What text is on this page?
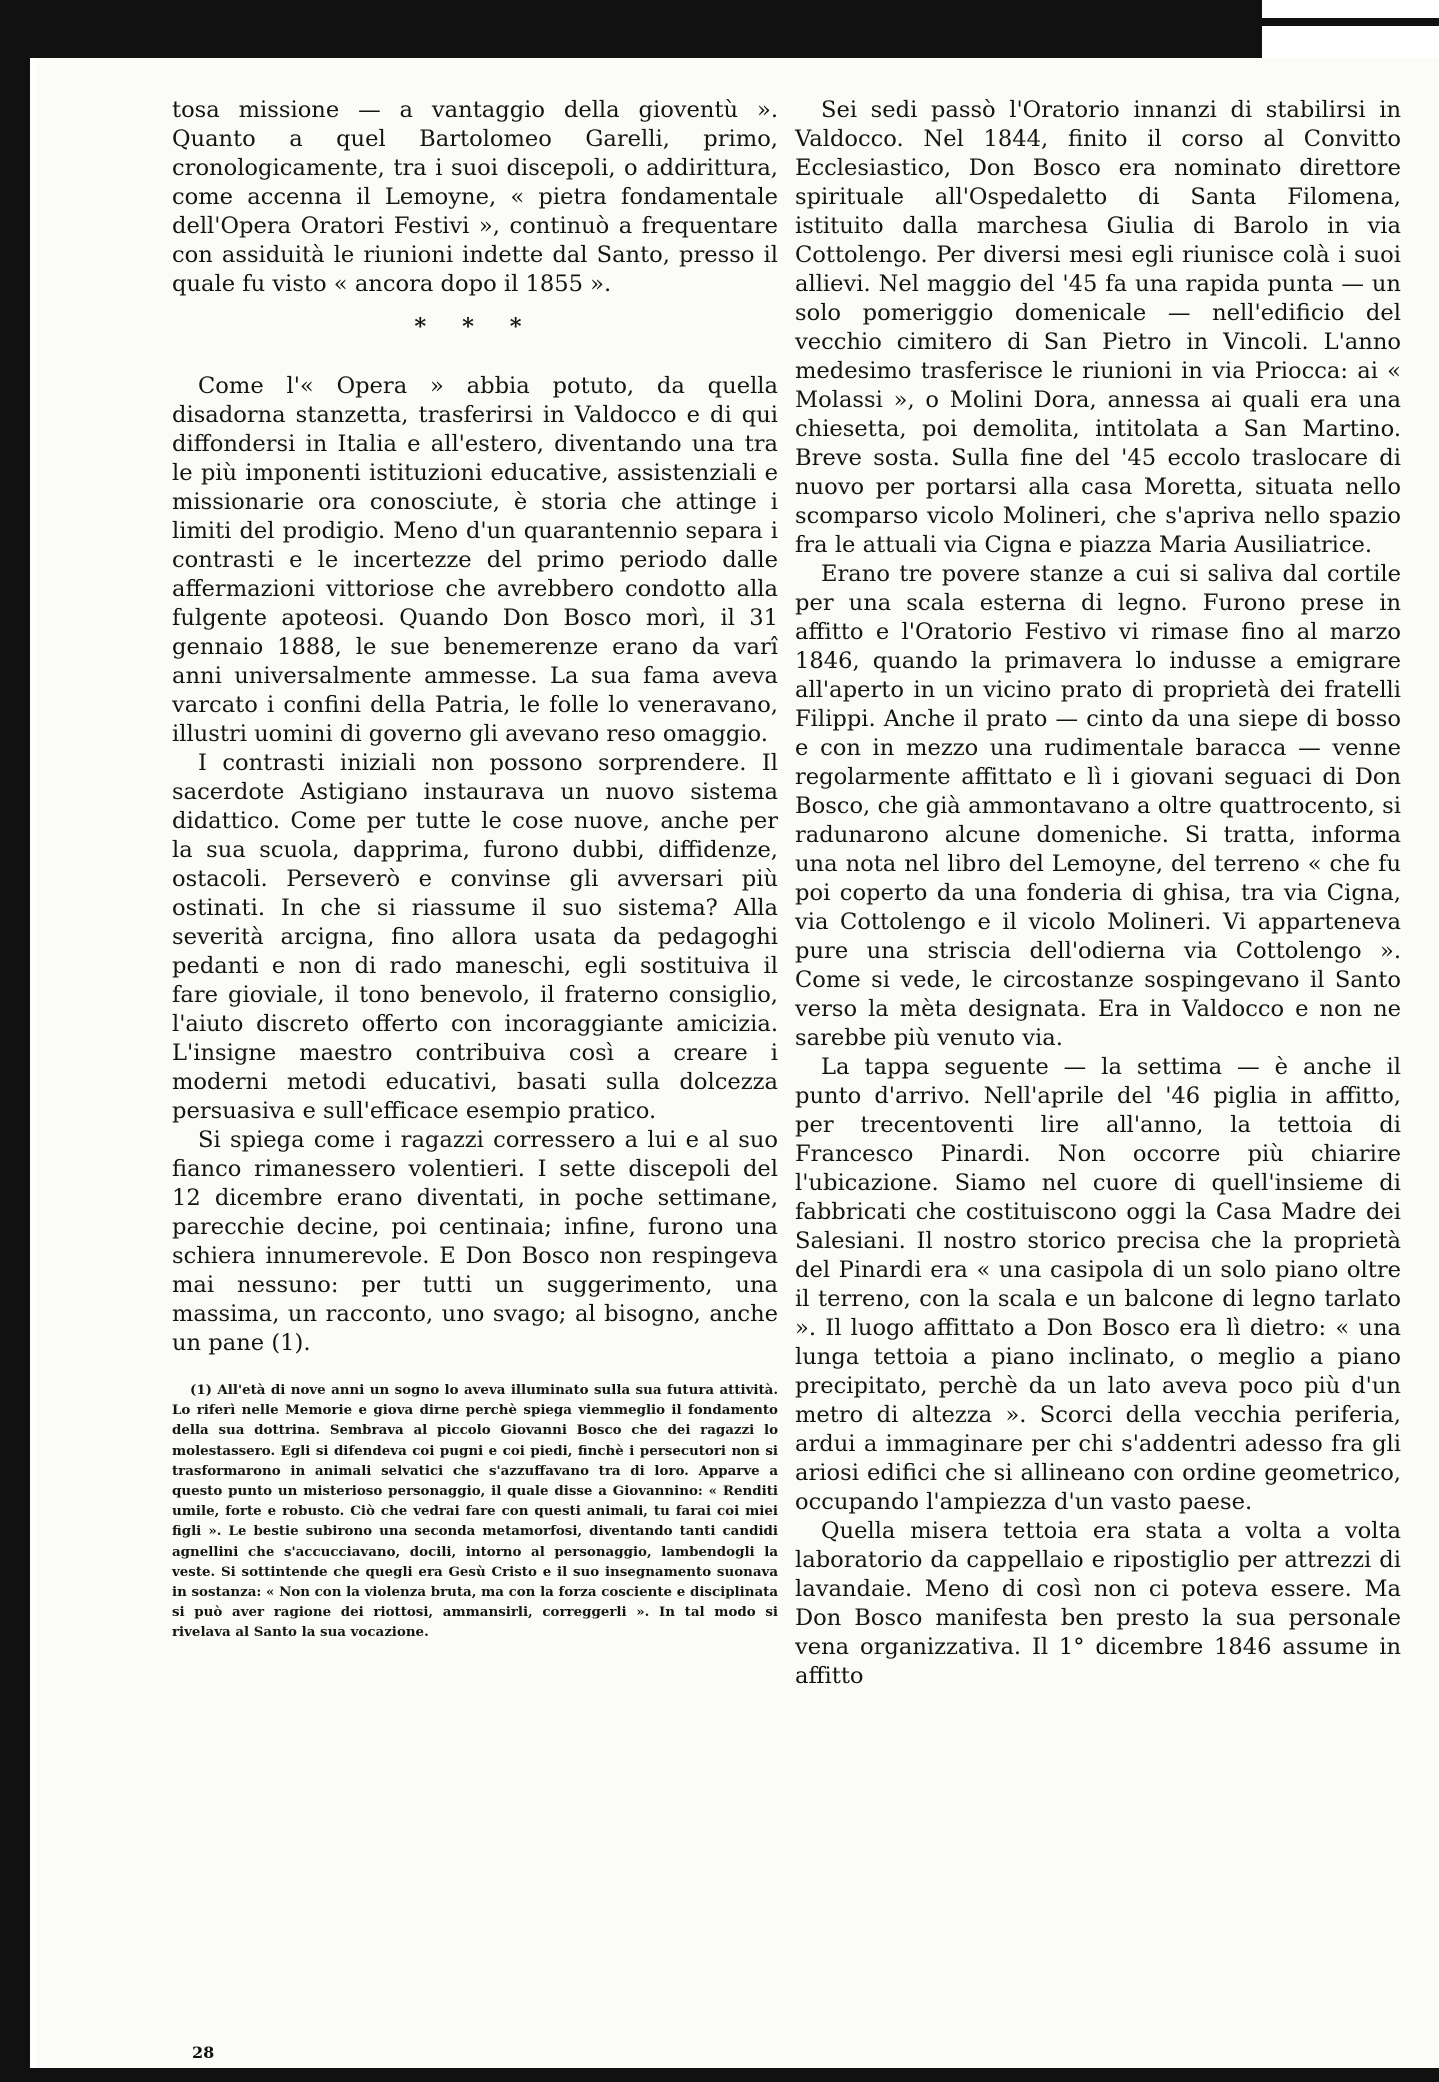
tosa missione — a vantaggio della gioventù ». Quanto a quel Bartolomeo Garelli, primo, cronologicamente, tra i suoi discepoli, o addirittura, come accenna il Lemoyne, « pietra fondamentale dell'Opera Oratori Festivi », continuò a frequentare con assiduità le riunioni indette dal Santo, presso il quale fu visto « ancora dopo il 1855 ».

* * *

Come l'« Opera » abbia potuto, da quella disadorna stanzetta, trasferirsi in Valdocco e di qui diffondersi in Italia e all'estero, diventando una tra le più imponenti istituzioni educative, assistenziali e missionarie ora conosciute, è storia che attinge i limiti del prodigio. Meno d'un quarantennio separa i contrasti e le incertezze del primo periodo dalle affermazioni vittoriose che avrebbero condotto alla fulgente apoteosi. Quando Don Bosco morì, il 31 gennaio 1888, le sue benemerenze erano da varî anni universalmente ammesse. La sua fama aveva varcato i confini della Patria, le folle lo veneravano, illustri uomini di governo gli avevano reso omaggio.

I contrasti iniziali non possono sorprendere. Il sacerdote Astigiano instaurava un nuovo sistema didattico. Come per tutte le cose nuove, anche per la sua scuola, dapprima, furono dubbi, diffidenze, ostacoli. Perseverò e convinse gli avversari più ostinati. In che si riassume il suo sistema? Alla severità arcigna, fino allora usata da pedagoghi pedanti e non di rado maneschi, egli sostituiva il fare gioviale, il tono benevolo, il fraterno consiglio, l'aiuto discreto offerto con incoraggiante amicizia. L'insigne maestro contribuiva così a creare i moderni metodi educativi, basati sulla dolcezza persuasiva e sull'efficace esempio pratico.

Si spiega come i ragazzi corressero a lui e al suo fianco rimanessero volentieri. I sette discepoli del 12 dicembre erano diventati, in poche settimane, parecchie decine, poi centinaia; infine, furono una schiera innumerevole. E Don Bosco non respingeva mai nessuno: per tutti un suggerimento, una massima, un racconto, uno svago; al bisogno, anche un pane (1).

(1) All'età di nove anni un sogno lo aveva illuminato sulla sua futura attività. Lo riferì nelle Memorie e giova dirne perchè spiega viemmeglio il fondamento della sua dottrina. Sembrava al piccolo Giovanni Bosco che dei ragazzi lo molestassero. Egli si difendeva coi pugni e coi piedi, finchè i persecutori non si trasformarono in animali selvatici che s'azzuffavano tra di loro. Apparve a questo punto un misterioso personaggio, il quale disse a Giovannino: « Renditi umile, forte e robusto. Ciò che vedrai fare con questi animali, tu farai coi miei figli ». Le bestie subirono una seconda metamorfosi, diventando tanti candidi agnellini che s'accucciavano, docili, intorno al personaggio, lambendogli la veste. Si sottintende che quegli era Gesù Cristo e il suo insegnamento suonava in sostanza: « Non con la violenza bruta, ma con la forza cosciente e disciplinata si può aver ragione dei riottosi, ammansirli, correggerli ». In tal modo si rivelava al Santo la sua vocazione.

Sei sedi passò l'Oratorio innanzi di stabilirsi in Valdocco. Nel 1844, finito il corso al Convitto Ecclesiastico, Don Bosco era nominato direttore spirituale all'Ospedaletto di Santa Filomena, istituito dalla marchesa Giulia di Barolo in via Cottolengo. Per diversi mesi egli riunisce colà i suoi allievi. Nel maggio del '45 fa una rapida punta — un solo pomeriggio domenicale — nell'edificio del vecchio cimitero di San Pietro in Vincoli. L'anno medesimo trasferisce le riunioni in via Priocca: ai « Molassi », o Molini Dora, annessa ai quali era una chiesetta, poi demolita, intitolata a San Martino. Breve sosta. Sulla fine del '45 eccolo traslocare di nuovo per portarsi alla casa Moretta, situata nello scomparso vicolo Molineri, che s'apriva nello spazio fra le attuali via Cigna e piazza Maria Ausiliatrice.

Erano tre povere stanze a cui si saliva dal cortile per una scala esterna di legno. Furono prese in affitto e l'Oratorio Festivo vi rimase fino al marzo 1846, quando la primavera lo indusse a emigrare all'aperto in un vicino prato di proprietà dei fratelli Filippi. Anche il prato — cinto da una siepe di bosso e con in mezzo una rudimentale baracca — venne regolarmente affittato e lì i giovani seguaci di Don Bosco, che già ammontavano a oltre quattrocento, si radunarono alcune domeniche. Si tratta, informa una nota nel libro del Lemoyne, del terreno « che fu poi coperto da una fonderia di ghisa, tra via Cigna, via Cottolengo e il vicolo Molineri. Vi apparteneva pure una striscia dell'odierna via Cottolengo ». Come si vede, le circostanze sospingevano il Santo verso la mèta designata. Era in Valdocco e non ne sarebbe più venuto via.

La tappa seguente — la settima — è anche il punto d'arrivo. Nell'aprile del '46 piglia in affitto, per trecentoventi lire all'anno, la tettoia di Francesco Pinardi. Non occorre più chiarire l'ubicazione. Siamo nel cuore di quell'insieme di fabbricati che costituiscono oggi la Casa Madre dei Salesiani. Il nostro storico precisa che la proprietà del Pinardi era « una casipola di un solo piano oltre il terreno, con la scala e un balcone di legno tarlato ». Il luogo affittato a Don Bosco era lì dietro: « una lunga tettoia a piano inclinato, o meglio a piano precipitato, perchè da un lato aveva poco più d'un metro di altezza ». Scorci della vecchia periferia, ardui a immaginare per chi s'addentri adesso fra gli ariosi edifici che si allineano con ordine geometrico, occupando l'ampiezza d'un vasto paese.

Quella misera tettoia era stata a volta a volta laboratorio da cappellaio e ripostiglio per attrezzi di lavandaie. Meno di così non ci poteva essere. Ma Don Bosco manifesta ben presto la sua personale vena organizzativa. Il 1° dicembre 1846 assume in affitto

28
